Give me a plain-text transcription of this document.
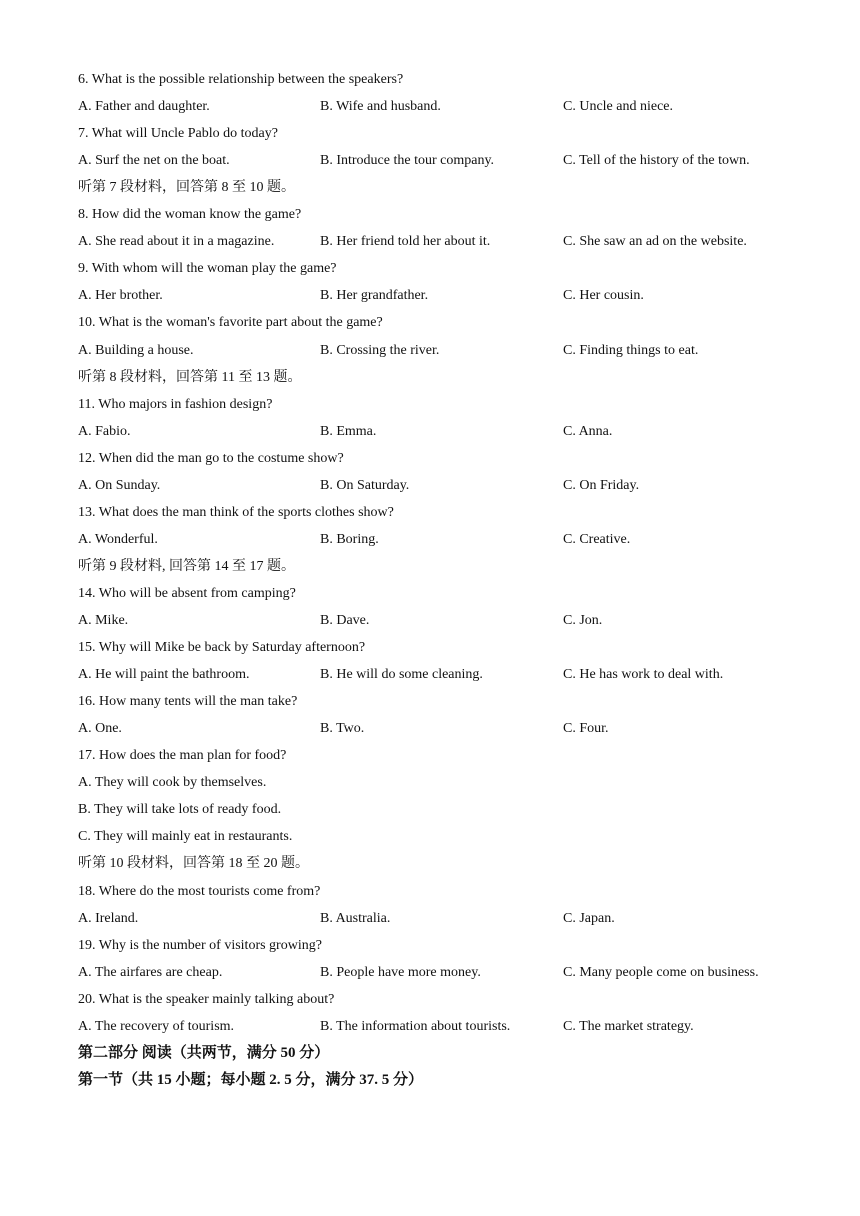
6. What is the possible relationship between the speakers?
A. Father and daughter.	B. Wife and husband.	C. Uncle and niece.
7. What will Uncle Pablo do today?
A. Surf the net on the boat.	B. Introduce the tour company.	C. Tell of the history of the town.
听第 7 段材料，回答第 8 至 10 题。
8. How did the woman know the game?
A. She read about it in a magazine.	B. Her friend told her about it.	C. She saw an ad on the website.
9. With whom will the woman play the game?
A. Her brother.	B. Her grandfather.	C. Her cousin.
10. What is the woman's favorite part about the game?
A. Building a house.	B. Crossing the river.	C. Finding things to eat.
听第 8 段材料，回答第 11 至 13 题。
11. Who majors in fashion design?
A. Fabio.	B. Emma.	C. Anna.
12. When did the man go to the costume show?
A. On Sunday.	B. On Saturday.	C. On Friday.
13. What does the man think of the sports clothes show?
A. Wonderful.	B. Boring.	C. Creative.
听第 9 段材料, 回答第 14 至 17 题。
14. Who will be absent from camping?
A. Mike.	B. Dave.	C. Jon.
15. Why will Mike be back by Saturday afternoon?
A. He will paint the bathroom.	B. He will do some cleaning.	C. He has work to deal with.
16. How many tents will the man take?
A. One.	B. Two.	C. Four.
17. How does the man plan for food?
A. They will cook by themselves.
B. They will take lots of ready food.
C. They will mainly eat in restaurants.
听第 10 段材料，回答第 18 至 20 题。
18. Where do the most tourists come from?
A. Ireland.	B. Australia.	C. Japan.
19. Why is the number of visitors growing?
A. The airfares are cheap.	B. People have more money.	C. Many people come on business.
20. What is the speaker mainly talking about?
A. The recovery of tourism.	B. The information about tourists.	C. The market strategy.
第二部分 阅读（共两节，满分 50 分）
第一节（共 15 小题；每小题 2. 5 分，满分 37. 5 分）
